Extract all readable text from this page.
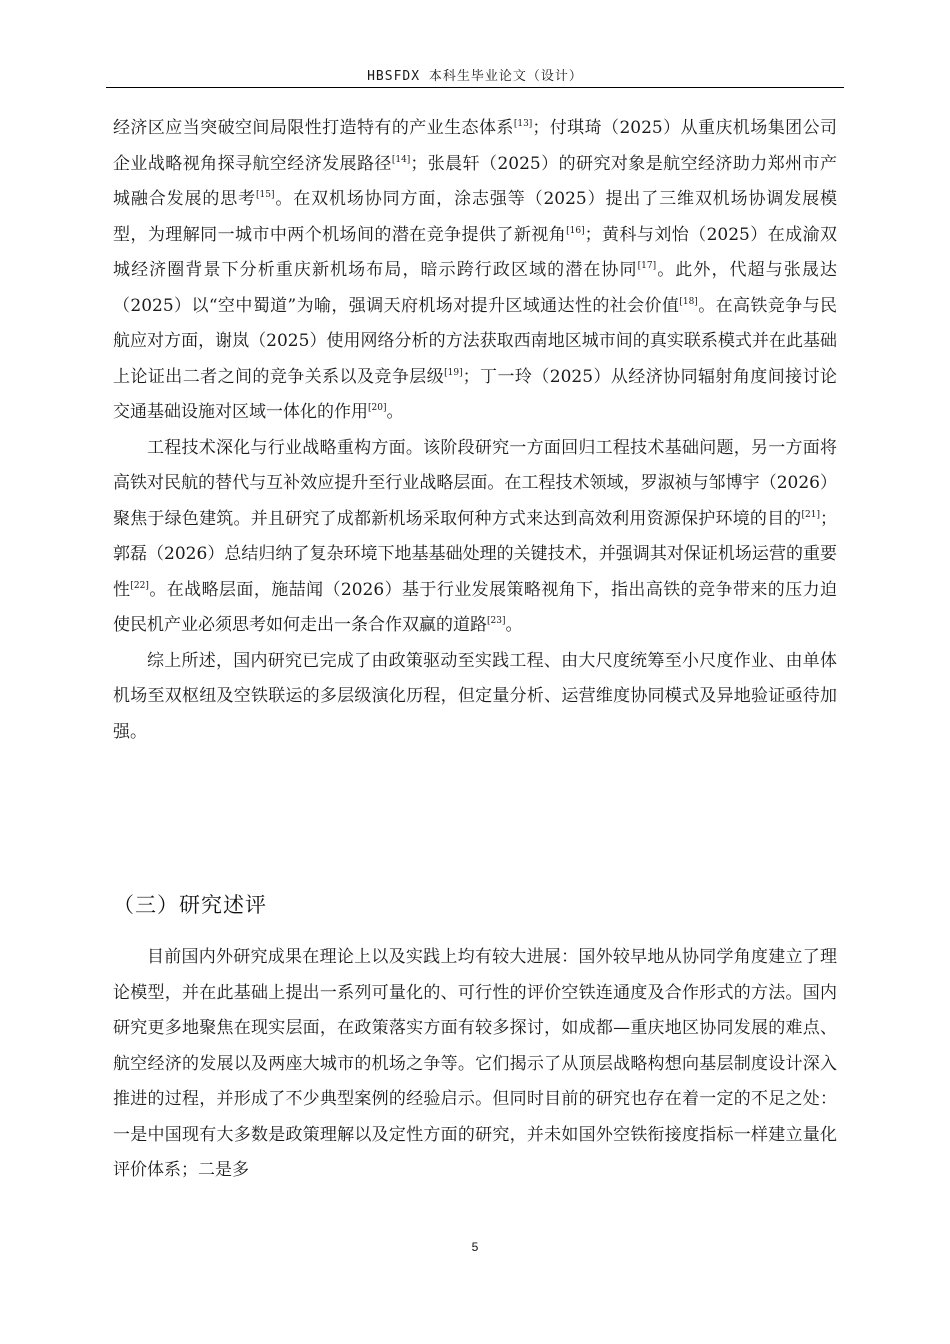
HBSFDX 本科生毕业论文（设计）

经济区应当突破空间局限性打造特有的产业生态体系[13]；付琪琦（2025）从重庆机场集团公司企业战略视角探寻航空经济发展路径[14]；张晨轩（2025）的研究对象是航空经济助力郑州市产城融合发展的思考[15]。在双机场协同方面，涂志强等（2025）提出了三维双机场协调发展模型，为理解同一城市中两个机场间的潜在竞争提供了新视角[16]；黄科与刘怡（2025）在成渝双城经济圈背景下分析重庆新机场布局，暗示跨行政区域的潜在协同[17]。此外，代超与张晟达（2025）以“空中蜀道”为喻，强调天府机场对提升区域通达性的社会价值[18]。在高铁竞争与民航应对方面，谢岚（2025）使用网络分析的方法获取西南地区城市间的真实联系模式并在此基础上论证出二者之间的竞争关系以及竞争层级[19]；丁一玲（2025）从经济协同辐射角度间接讨论交通基础设施对区域一体化的作用[20]。

工程技术深化与行业战略重构方面。该阶段研究一方面回归工程技术基础问题，另一方面将高铁对民航的替代与互补效应提升至行业战略层面。在工程技术领域，罗淑祯与邹博宇（2026）聚焦于绿色建筑。并且研究了成都新机场采取何种方式来达到高效利用资源保护环境的目的[21]；郭磊（2026）总结归纳了复杂环境下地基基础处理的关键技术，并强调其对保证机场运营的重要性[22]。在战略层面，施喆闻（2026）基于行业发展策略视角下，指出高铁的竞争带来的压力迫使民机产业必须思考如何走出一条合作双赢的道路[23]。

综上所述，国内研究已完成了由政策驱动至实践工程、由大尺度统筹至小尺度作业、由单体机场至双枢纽及空铁联运的多层级演化历程，但定量分析、运营维度协同模式及异地验证亟待加强。

（三）研究述评

目前国内外研究成果在理论上以及实践上均有较大进展：国外较早地从协同学角度建立了理论模型，并在此基础上提出一系列可量化的、可行性的评价空铁连通度及合作形式的方法。国内研究更多地聚焦在现实层面，在政策落实方面有较多探讨，如成都—重庆地区协同发展的难点、航空经济的发展以及两座大城市的机场之争等。它们揭示了从顶层战略构想向基层制度设计深入推进的过程，并形成了不少典型案例的经验启示。但同时目前的研究也存在着一定的不足之处：一是中国现有大多数是政策理解以及定性方面的研究，并未如国外空铁衔接度指标一样建立量化评价体系；二是多

5
